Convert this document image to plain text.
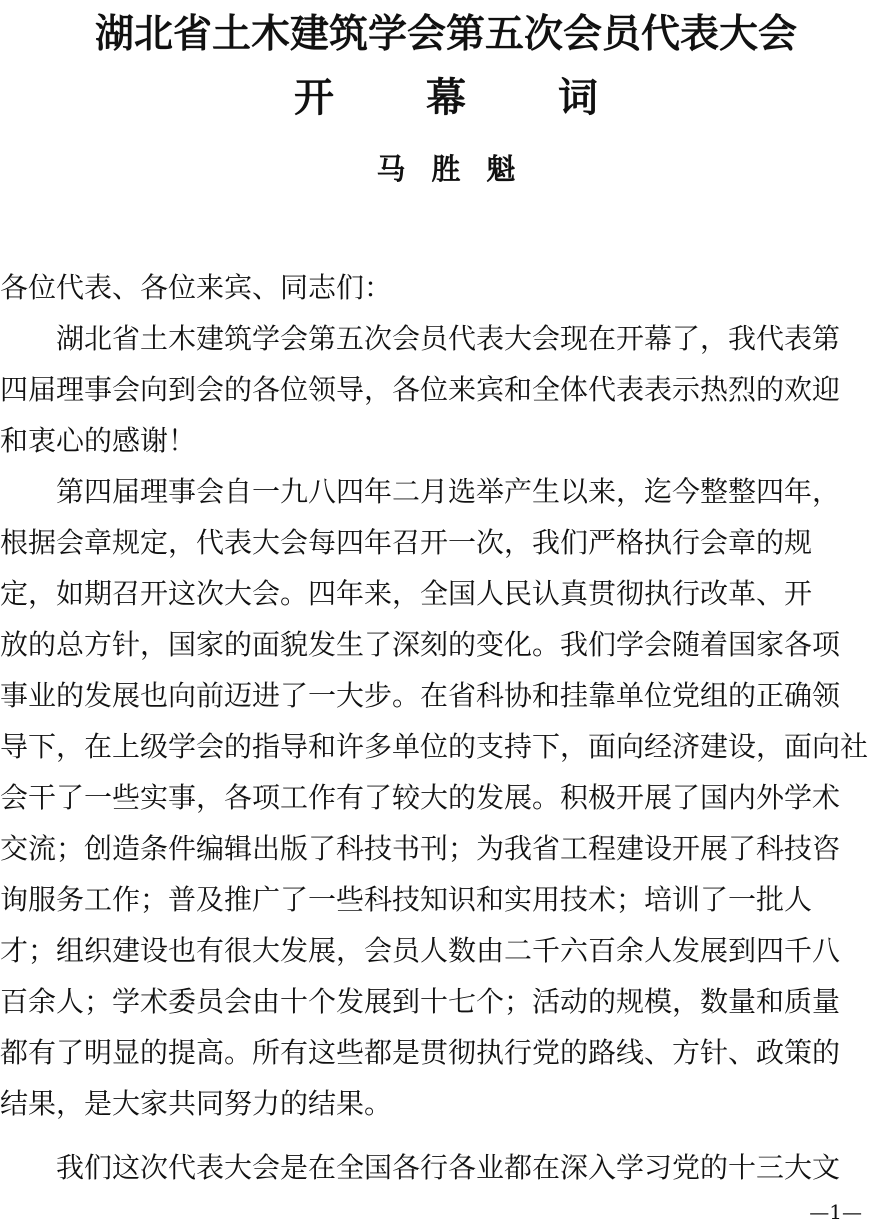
湖北省土木建筑学会第五次会员代表大会
开 幕 词
马 胜 魁
各位代表、各位来宾、同志们：
　　湖北省土木建筑学会第五次会员代表大会现在开幕了，我代表第
四届理事会向到会的各位领导，各位来宾和全体代表表示热烈的欢迎
和衷心的感谢！
　　第四届理事会自一九八四年二月选举产生以来，迄今整整四年，
根据会章规定，代表大会每四年召开一次，我们严格执行会章的规
定，如期召开这次大会。四年来，全国人民认真贯彻执行改革、开
放的总方针，国家的面貌发生了深刻的变化。我们学会随着国家各项
事业的发展也向前迈进了一大步。在省科协和挂靠单位党组的正确领
导下，在上级学会的指导和许多单位的支持下，面向经济建设，面向社
会干了一些实事，各项工作有了较大的发展。积极开展了国内外学术
交流；创造条件编辑出版了科技书刊；为我省工程建设开展了科技咨
询服务工作；普及推广了一些科技知识和实用技术；培训了一批人
才；组织建设也有很大发展，会员人数由二千六百余人发展到四千八
百余人；学术委员会由十个发展到十七个；活动的规模，数量和质量
都有了明显的提高。所有这些都是贯彻执行党的路线、方针、政策的
结果，是大家共同努力的结果。
　　我们这次代表大会是在全国各行各业都在深入学习党的十三大文
—1—
